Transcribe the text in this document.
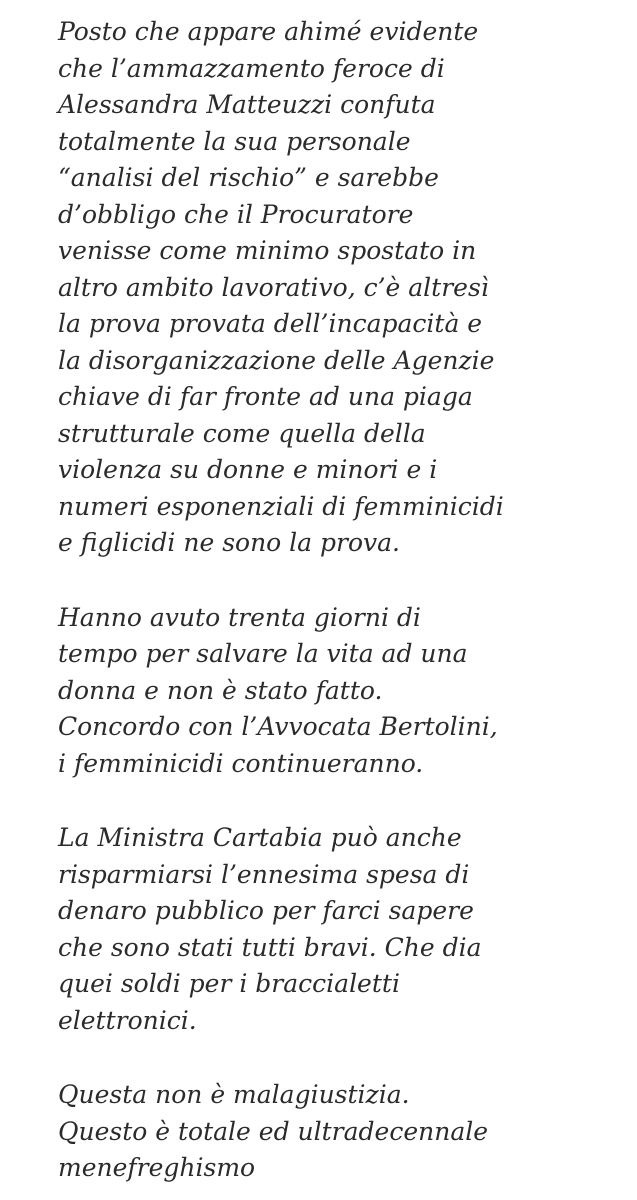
Posto che appare ahimé evidente
che l’ammazzamento feroce di
Alessandra Matteuzzi confuta
totalmente la sua personale
“analisi del rischio” e sarebbe
d’obbligo che il Procuratore
venisse come minimo spostato in
altro ambito lavorativo, c’è altresì
la prova provata dell’incapacità e
la disorganizzazione delle Agenzie
chiave di far fronte ad una piaga
strutturale come quella della
violenza su donne e minori e i
numeri esponenziali di femminicidi
e figlicidi ne sono la prova.

Hanno avuto trenta giorni di
tempo per salvare la vita ad una
donna e non è stato fatto.
Concordo con l’Avvocata Bertolini,
i femminicidi continueranno.

La Ministra Cartabia può anche
risparmiarsi l’ennesima spesa di
denaro pubblico per farci sapere
che sono stati tutti bravi. Che dia
quei soldi per i braccialetti
elettronici.

Questa non è malagiustizia.
Questo è totale ed ultradecennale
menefreghismo
